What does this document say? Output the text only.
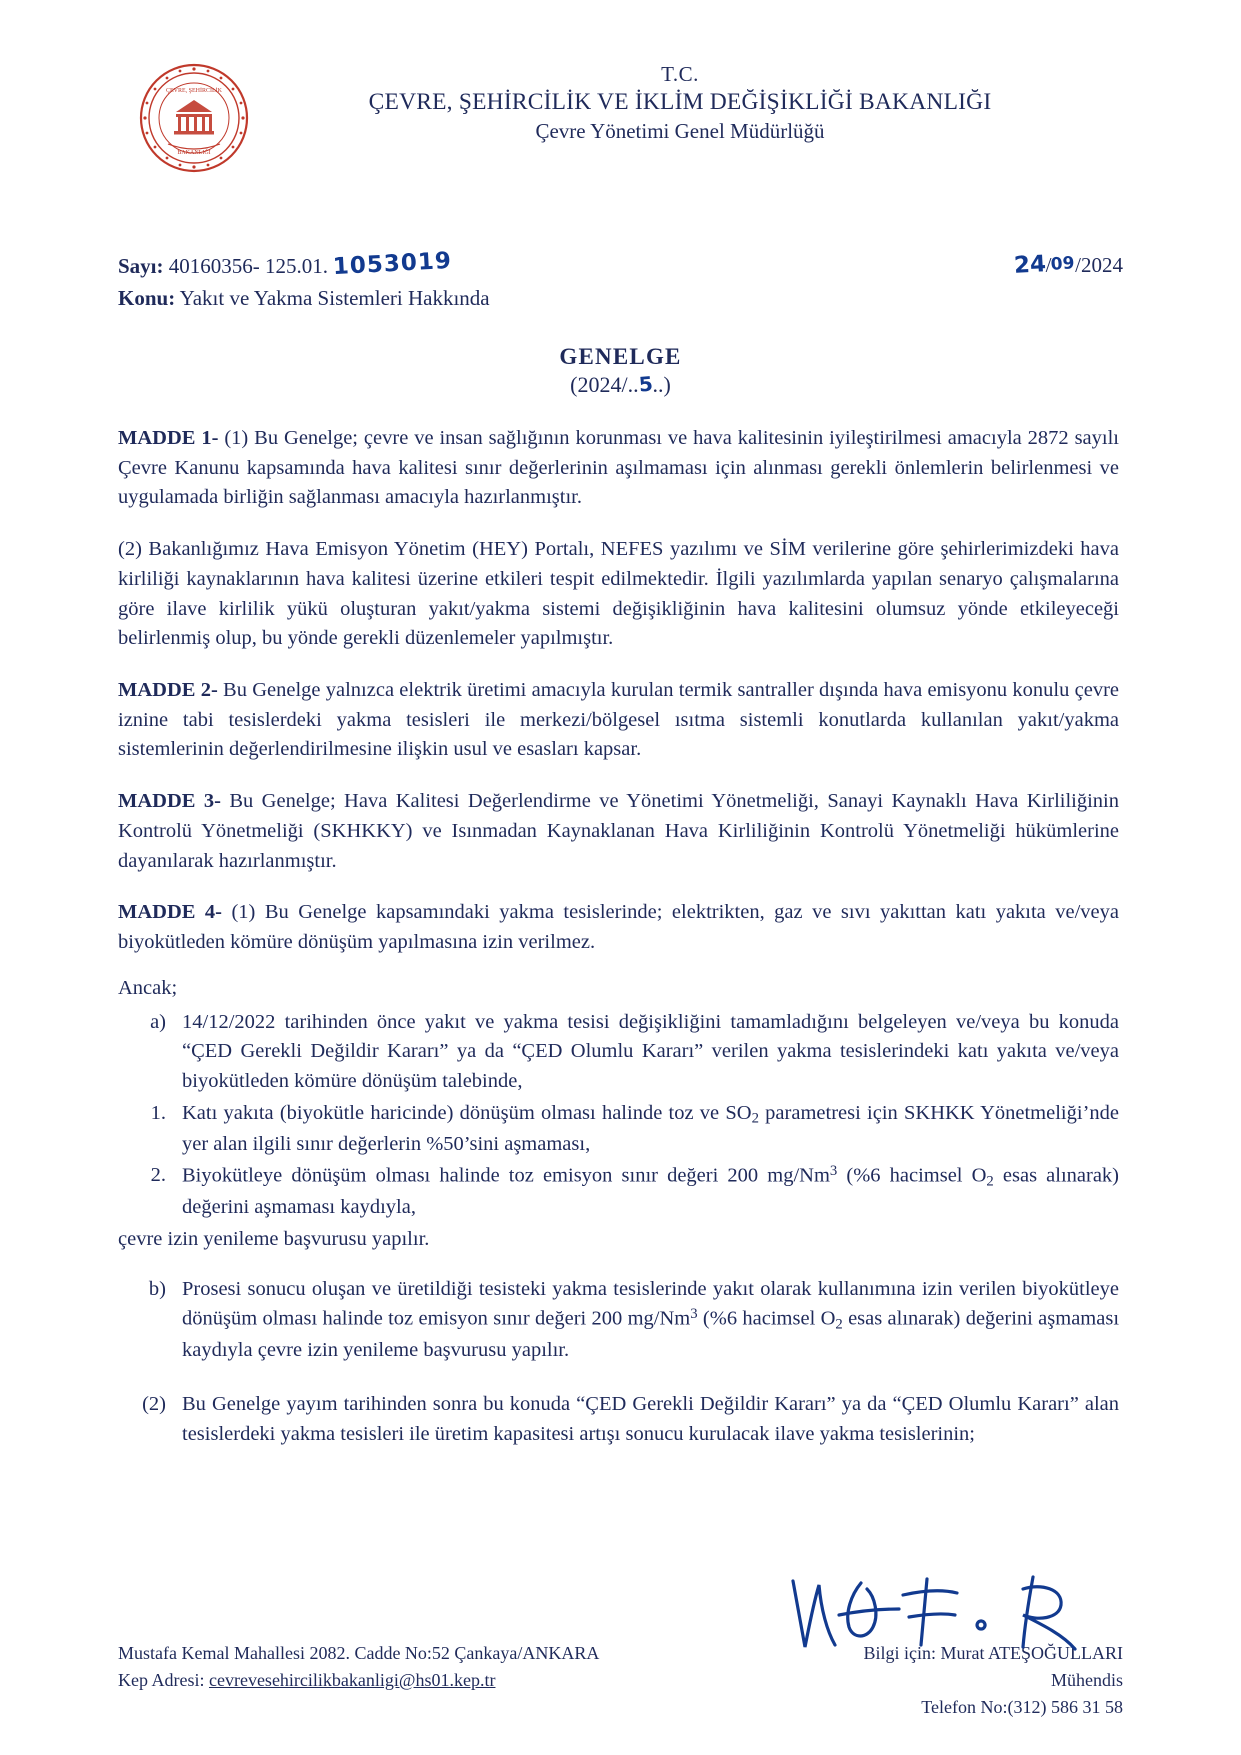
ÇEVRE, ŞEHİRCİLİK
BAKANLIĞI
T.C.
ÇEVRE, ŞEHİRCİLİK VE İKLİM DEĞİŞİKLİĞİ BAKANLIĞI
Çevre Yönetimi Genel Müdürlüğü
Sayı: 40160356- 125.01. 1053019
Konu: Yakıt ve Yakma Sistemleri Hakkında
24/09/2024
GENELGE
(2024/..5..)

MADDE 1- (1) Bu Genelge; çevre ve insan sağlığının korunması ve hava kalitesinin iyileştirilmesi amacıyla 2872 sayılı Çevre Kanunu kapsamında hava kalitesi sınır değerlerinin aşılmaması için alınması gerekli önlemlerin belirlenmesi ve uygulamada birliğin sağlanması amacıyla hazırlanmıştır.

(2) Bakanlığımız Hava Emisyon Yönetim (HEY) Portalı, NEFES yazılımı ve SİM verilerine göre şehirlerimizdeki hava kirliliği kaynaklarının hava kalitesi üzerine etkileri tespit edilmektedir. İlgili yazılımlarda yapılan senaryo çalışmalarına göre ilave kirlilik yükü oluşturan yakıt/yakma sistemi değişikliğinin hava kalitesini olumsuz yönde etkileyeceği belirlenmiş olup, bu yönde gerekli düzenlemeler yapılmıştır.

MADDE 2- Bu Genelge yalnızca elektrik üretimi amacıyla kurulan termik santraller dışında hava emisyonu konulu çevre iznine tabi tesislerdeki yakma tesisleri ile merkezi/bölgesel ısıtma sistemli konutlarda kullanılan yakıt/yakma sistemlerinin değerlendirilmesine ilişkin usul ve esasları kapsar.

MADDE 3- Bu Genelge; Hava Kalitesi Değerlendirme ve Yönetimi Yönetmeliği, Sanayi Kaynaklı Hava Kirliliğinin Kontrolü Yönetmeliği (SKHKKY) ve Isınmadan Kaynaklanan Hava Kirliliğinin Kontrolü Yönetmeliği hükümlerine dayanılarak hazırlanmıştır.

MADDE 4- (1) Bu Genelge kapsamındaki yakma tesislerinde; elektrikten, gaz ve sıvı yakıttan katı yakıta ve/veya biyokütleden kömüre dönüşüm yapılmasına izin verilmez.

Ancak;

a) 14/12/2022 tarihinden önce yakıt ve yakma tesisi değişikliğini tamamladığını belgeleyen ve/veya bu konuda “ÇED Gerekli Değildir Kararı” ya da “ÇED Olumlu Kararı” verilen yakma tesislerindeki katı yakıta ve/veya biyokütleden kömüre dönüşüm talebinde,
1. Katı yakıta (biyokütle haricinde) dönüşüm olması halinde toz ve $SO_2$ parametresi için SKHKK Yönetmeliği’nde yer alan ilgili sınır değerlerin %50’sini aşmaması,
2. Biyokütleye dönüşüm olması halinde toz emisyon sınır değeri 200 mg/Nm$^3$ (%6 hacimsel $O_2$ esas alınarak) değerini aşmaması kaydıyla,

çevre izin yenileme başvurusu yapılır.

b) Prosesi sonucu oluşan ve üretildiği tesisteki yakma tesislerinde yakıt olarak kullanımına izin verilen biyokütleye dönüşüm olması halinde toz emisyon sınır değeri 200 mg/Nm$^3$ (%6 hacimsel $O_2$ esas alınarak) değerini aşmaması kaydıyla çevre izin yenileme başvurusu yapılır.
(2) Bu Genelge yayım tarihinden sonra bu konuda “ÇED Gerekli Değildir Kararı” ya da “ÇED Olumlu Kararı” alan tesislerdeki yakma tesisleri ile üretim kapasitesi artışı sonucu kurulacak ilave yakma tesislerinin;
Mustafa Kemal Mahallesi 2082. Cadde No:52 Çankaya/ANKARA
Kep Adresi: cevrevesehircilikbakanligi@hs01.kep.tr
Bilgi için: Murat ATEŞOĞULLARI
Mühendis
Telefon No:(312) 586 31 58
